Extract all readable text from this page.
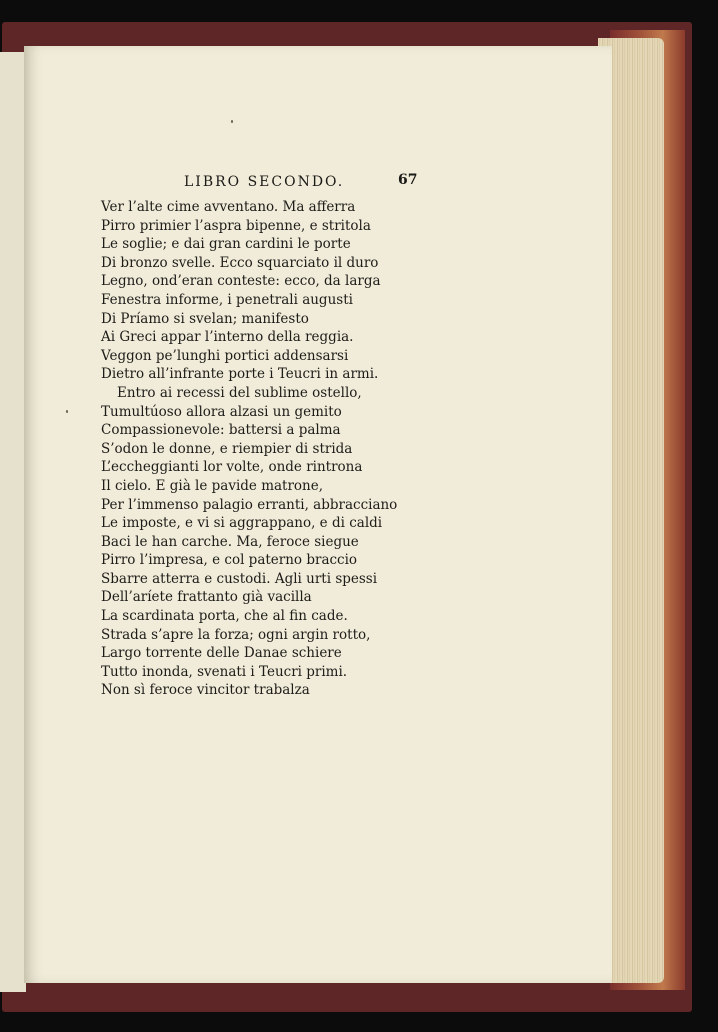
LIBRO SECONDO.	67
Ver l’alte cime avventano. Ma afferra
Pirro primier l’aspra bipenne, e stritola
Le soglie; e dai gran cardini le porte
Di bronzo svelle. Ecco squarciato il duro
Legno, ond’eran conteste: ecco, da larga
Fenestra informe, i penetrali augusti
Di Príamo si svelan; manifesto
Ai Greci appar l’interno della reggia.
Veggon pe’lunghi portici addensarsi
Dietro all’infrante porte i Teucri in armi.
Entro ai recessi del sublime ostello,
Tumultúoso allora alzasi un gemito
Compassionevole: battersi a palma
S’odon le donne, e riempier di strida
L’eccheggianti lor volte, onde rintrona
Il cielo. E già le pavide matrone,
Per l’immenso palagio erranti, abbracciano
Le imposte, e vi si aggrappano, e di caldi
Baci le han carche. Ma, feroce siegue
Pirro l’impresa, e col paterno braccio
Sbarre atterra e custodi. Agli urti spessi
Dell’aríete frattanto già vacilla
La scardinata porta, che al fin cade.
Strada s’apre la forza; ogni argin rotto,
Largo torrente delle Danae schiere
Tutto inonda, svenati i Teucri primi.
Non sì feroce vincitor trabalza
